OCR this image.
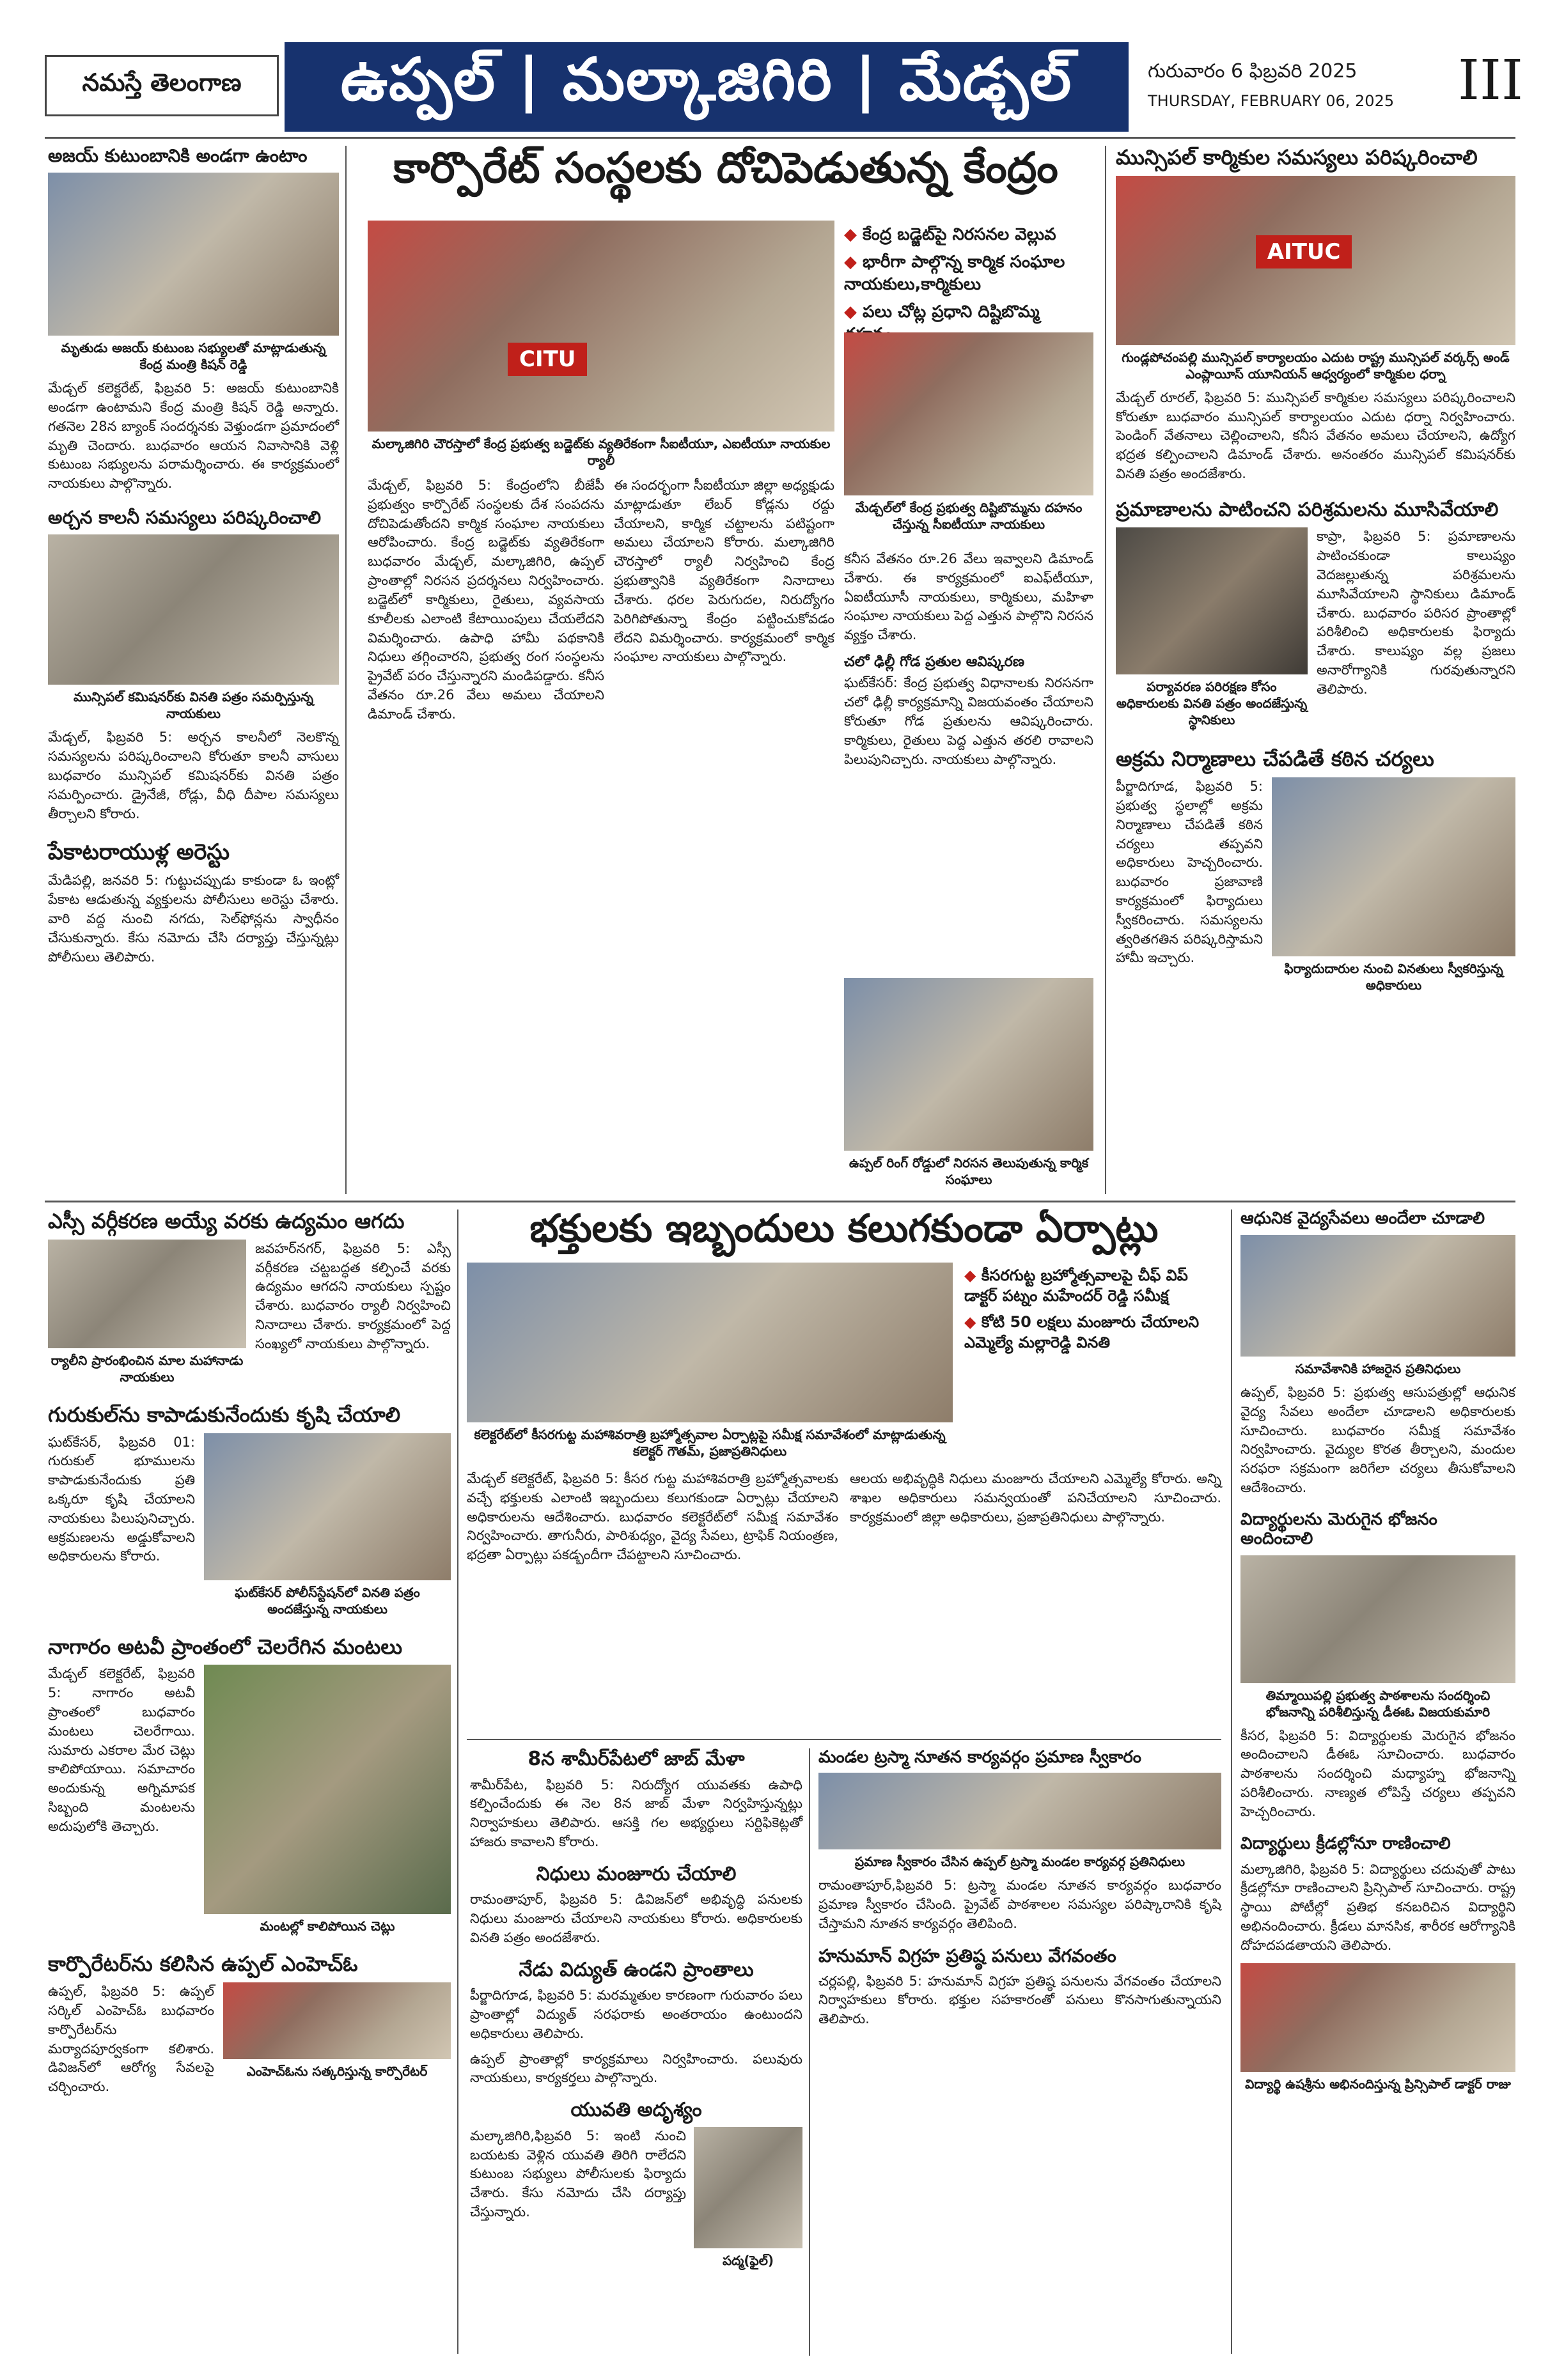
నమస్తే తెలంగాణ	ఉప్పల్ | మల్కాజిగిరి | మేడ్చల్	గురువారం 6 ఫిబ్రవరి 2025
THURSDAY, FEBRUARY 06, 2025 III
అజయ్ కుటుంబానికి అండగా ఉంటాం
మృతుడు అజయ్ కుటుంబ సభ్యులతో మాట్లాడుతున్న కేంద్ర మంత్రి కిషన్ రెడ్డి

మేడ్చల్ కలెక్టరేట్, ఫిబ్రవరి 5: అజయ్ కుటుంబానికి అండగా ఉంటామని కేంద్ర మంత్రి కిషన్ రెడ్డి అన్నారు. గతనెల 28న బ్యాంక్ సందర్శనకు వెళ్తుండగా ప్రమాదంలో మృతి చెందారు. బుధవారం ఆయన నివాసానికి వెళ్లి కుటుంబ సభ్యులను పరామర్శించారు. ఈ కార్యక్రమంలో నాయకులు పాల్గొన్నారు.

అర్చన కాలనీ సమస్యలు పరిష్కరించాలి
మున్సిపల్ కమిషనర్‌కు వినతి పత్రం సమర్పిస్తున్న నాయకులు

మేడ్చల్, ఫిబ్రవరి 5: అర్చన కాలనీలో నెలకొన్న సమస్యలను పరిష్కరించాలని కోరుతూ కాలనీ వాసులు బుధవారం మున్సిపల్ కమిషనర్‌కు వినతి పత్రం సమర్పించారు. డ్రైనేజీ, రోడ్లు, వీధి దీపాల సమస్యలు తీర్చాలని కోరారు.

పేకాటరాయుళ్ల అరెస్టు

మేడిపల్లి, జనవరి 5: గుట్టుచప్పుడు కాకుండా ఓ ఇంట్లో పేకాట ఆడుతున్న వ్యక్తులను పోలీసులు అరెస్టు చేశారు. వారి వద్ద నుంచి నగదు, సెల్‌ఫోన్లను స్వాధీనం చేసుకున్నారు. కేసు నమోదు చేసి దర్యాప్తు చేస్తున్నట్లు పోలీసులు తెలిపారు.

కార్పొరేట్ సంస్థలకు దోచిపెడుతున్న కేంద్రం
CITU
మల్కాజిగిరి చౌరస్తాలో కేంద్ర ప్రభుత్వ బడ్జెట్‌కు వ్యతిరేకంగా సీఐటీయూ, ఎఐటీయూ నాయకుల ర్యాలీ

◆ కేంద్ర బడ్జెట్‌పై నిరసనల వెల్లువ

◆ భారీగా పాల్గొన్న కార్మిక సంఘాల నాయకులు,కార్మికులు

◆ పలు చోట్ల ప్రధాని దిష్టిబొమ్మ

మేడ్చల్‌లో కేంద్ర ప్రభుత్వ దిష్టిబొమ్మను దహనం చేస్తున్న సీఐటీయూ నాయకులు

మేడ్చల్, ఫిబ్రవరి 5: కేంద్రంలోని బీజేపీ ప్రభుత్వం కార్పొరేట్ సంస్థలకు దేశ సంపదను దోచిపెడుతోందని కార్మిక సంఘాల నాయకులు ఆరోపించారు. కేంద్ర బడ్జెట్‌కు వ్యతిరేకంగా బుధవారం మేడ్చల్, మల్కాజిగిరి, ఉప్పల్ ప్రాంతాల్లో నిరసన ప్రదర్శనలు నిర్వహించారు. బడ్జెట్‌లో కార్మికులు, రైతులు, వ్యవసాయ కూలీలకు ఎలాంటి కేటాయింపులు చేయలేదని విమర్శించారు. ఉపాధి హామీ పథకానికి నిధులు తగ్గించారని, ప్రభుత్వ రంగ సంస్థలను ప్రైవేట్ పరం చేస్తున్నారని మండిపడ్డారు. కనీస వేతనం రూ.26 వేలు అమలు చేయాలని డిమాండ్ చేశారు.

ఈ సందర్భంగా సీఐటీయూ జిల్లా అధ్యక్షుడు మాట్లాడుతూ లేబర్ కోడ్లను రద్దు చేయాలని, కార్మిక చట్టాలను పటిష్టంగా అమలు చేయాలని కోరారు. మల్కాజిగిరి చౌరస్తాలో ర్యాలీ నిర్వహించి కేంద్ర ప్రభుత్వానికి వ్యతిరేకంగా నినాదాలు చేశారు. ధరల పెరుగుదల, నిరుద్యోగం పెరిగిపోతున్నా కేంద్రం పట్టించుకోవడం లేదని విమర్శించారు. కార్యక్రమంలో కార్మిక సంఘాల నాయకులు పాల్గొన్నారు.

కనీస వేతనం రూ.26 వేలు ఇవ్వాలని డిమాండ్ చేశారు. ఈ కార్యక్రమంలో ఐఎఫ్‌టీయూ, ఏఐటీయూసీ నాయకులు, కార్మికులు, మహిళా సంఘాల నాయకులు పెద్ద ఎత్తున పాల్గొని నిరసన వ్యక్తం చేశారు.

చలో ఢిల్లీ గోడ ప్రతుల ఆవిష్కరణ

ఘట్‌కేసర్: కేంద్ర ప్రభుత్వ విధానాలకు నిరసనగా చలో ఢిల్లీ కార్యక్రమాన్ని విజయవంతం చేయాలని కోరుతూ గోడ ప్రతులను ఆవిష్కరించారు. కార్మికులు, రైతులు పెద్ద ఎత్తున తరలి రావాలని పిలుపునిచ్చారు. నాయకులు పాల్గొన్నారు.

ఉప్పల్ రింగ్ రోడ్డులో నిరసన తెలుపుతున్న కార్మిక సంఘాలు
మున్సిపల్ కార్మికుల సమస్యలు పరిష్కరించాలి
AITUC
గుండ్లపోచంపల్లి మున్సిపల్ కార్యాలయం ఎదుట రాష్ట్ర మున్సిపల్ వర్కర్స్ అండ్ ఎంప్లాయీస్ యూనియన్ ఆధ్వర్యంలో కార్మికుల ధర్నా

మేడ్చల్ రూరల్, ఫిబ్రవరి 5: మున్సిపల్ కార్మికుల సమస్యలు పరిష్కరించాలని కోరుతూ బుధవారం మున్సిపల్ కార్యాలయం ఎదుట ధర్నా నిర్వహించారు. పెండింగ్ వేతనాలు చెల్లించాలని, కనీస వేతనం అమలు చేయాలని, ఉద్యోగ భద్రత కల్పించాలని డిమాండ్ చేశారు. అనంతరం మున్సిపల్ కమిషనర్‌కు వినతి పత్రం అందజేశారు.

ప్రమాణాలను పాటించని పరిశ్రమలను మూసివేయాలి
పర్యావరణ పరిరక్షణ కోసం అధికారులకు వినతి పత్రం అందజేస్తున్న స్థానికులు

కాప్రా, ఫిబ్రవరి 5: ప్రమాణాలను పాటించకుండా కాలుష్యం వెదజల్లుతున్న పరిశ్రమలను మూసివేయాలని స్థానికులు డిమాండ్ చేశారు. బుధవారం పరిసర ప్రాంతాల్లో పరిశీలించి అధికారులకు ఫిర్యాదు చేశారు. కాలుష్యం వల్ల ప్రజలు అనారోగ్యానికి గురవుతున్నారని తెలిపారు.

అక్రమ నిర్మాణాలు చేపడితే కఠిన చర్యలు

పీర్జాదిగూడ, ఫిబ్రవరి 5: ప్రభుత్వ స్థలాల్లో అక్రమ నిర్మాణాలు చేపడితే కఠిన చర్యలు తప్పవని అధికారులు హెచ్చరించారు. బుధవారం ప్రజావాణి కార్యక్రమంలో ఫిర్యాదులు స్వీకరించారు. సమస్యలను త్వరితగతిన పరిష్కరిస్తామని హామీ ఇచ్చారు.

ఫిర్యాదుదారుల నుంచి వినతులు స్వీకరిస్తున్న అధికారులు
ఎస్సీ వర్గీకరణ అయ్యే వరకు ఉద్యమం ఆగదు
ర్యాలీని ప్రారంభించిన మాల మహానాడు నాయకులు

జవహర్‌నగర్, ఫిబ్రవరి 5: ఎస్సీ వర్గీకరణ చట్టబద్ధత కల్పించే వరకు ఉద్యమం ఆగదని నాయకులు స్పష్టం చేశారు. బుధవారం ర్యాలీ నిర్వహించి నినాదాలు చేశారు. కార్యక్రమంలో పెద్ద సంఖ్యలో నాయకులు పాల్గొన్నారు.

గురుకుల్‌ను కాపాడుకునేందుకు కృషి చేయాలి

ఘట్‌కేసర్, ఫిబ్రవరి 01: గురుకుల్ భూములను కాపాడుకునేందుకు ప్రతి ఒక్కరూ కృషి చేయాలని నాయకులు పిలుపునిచ్చారు. ఆక్రమణలను అడ్డుకోవాలని అధికారులను కోరారు.

ఘట్‌కేసర్ పోలీస్‌స్టేషన్‌లో వినతి పత్రం అందజేస్తున్న నాయకులు
నాగారం అటవీ ప్రాంతంలో చెలరేగిన మంటలు

మేడ్చల్ కలెక్టరేట్, ఫిబ్రవరి 5: నాగారం అటవీ ప్రాంతంలో బుధవారం మంటలు చెలరేగాయి. సుమారు ఎకరాల మేర చెట్లు కాలిపోయాయి. సమాచారం అందుకున్న అగ్నిమాపక సిబ్బంది మంటలను అదుపులోకి తెచ్చారు.

మంటల్లో కాలిపోయిన చెట్లు
కార్పొరేటర్‌ను కలిసిన ఉప్పల్ ఎంహెచ్‌ఓ

ఉప్పల్, ఫిబ్రవరి 5: ఉప్పల్ సర్కిల్ ఎంహెచ్‌ఓ బుధవారం కార్పొరేటర్‌ను మర్యాదపూర్వకంగా కలిశారు. డివిజన్‌లో ఆరోగ్య సేవలపై చర్చించారు.

ఎంహెచ్‌ఓను సత్కరిస్తున్న కార్పొరేటర్
భక్తులకు ఇబ్బందులు కలుగకుండా ఏర్పాట్లు
కలెక్టరేట్‌లో కీసరగుట్ట మహాశివరాత్రి బ్రహ్మోత్సవాల ఏర్పాట్లపై సమీక్ష సమావేశంలో మాట్లాడుతున్న కలెక్టర్ గౌతమ్, ప్రజాప్రతినిధులు

◆ కీసరగుట్ట బ్రహ్మోత్సవాలపై చీఫ్ విప్ డాక్టర్ పట్నం మహేందర్ రెడ్డి సమీక్ష

◆ కోటి 50 లక్షలు మంజూరు చేయాలని ఎమ్మెల్యే మల్లారెడ్డి వినతి

మేడ్చల్ కలెక్టరేట్, ఫిబ్రవరి 5: కీసర గుట్ట మహాశివరాత్రి బ్రహ్మోత్సవాలకు వచ్చే భక్తులకు ఎలాంటి ఇబ్బందులు కలుగకుండా ఏర్పాట్లు చేయాలని అధికారులను ఆదేశించారు. బుధవారం కలెక్టరేట్‌లో సమీక్ష సమావేశం నిర్వహించారు. తాగునీరు, పారిశుధ్యం, వైద్య సేవలు, ట్రాఫిక్ నియంత్రణ, భద్రతా ఏర్పాట్లు పకడ్బందీగా చేపట్టాలని సూచించారు.

ఆలయ అభివృద్ధికి నిధులు మంజూరు చేయాలని ఎమ్మెల్యే కోరారు. అన్ని శాఖల అధికారులు సమన్వయంతో పనిచేయాలని సూచించారు. కార్యక్రమంలో జిల్లా అధికారులు, ప్రజాప్రతినిధులు పాల్గొన్నారు.

8న శామీర్‌పేటలో జాబ్ మేళా

శామీర్‌పేట, ఫిబ్రవరి 5: నిరుద్యోగ యువతకు ఉపాధి కల్పించేందుకు ఈ నెల 8న జాబ్ మేళా నిర్వహిస్తున్నట్లు నిర్వాహకులు తెలిపారు. ఆసక్తి గల అభ్యర్థులు సర్టిఫికెట్లతో హాజరు కావాలని కోరారు.

నిధులు మంజూరు చేయాలి

రామంతాపూర్, ఫిబ్రవరి 5: డివిజన్‌లో అభివృద్ధి పనులకు నిధులు మంజూరు చేయాలని నాయకులు కోరారు. అధికారులకు వినతి పత్రం అందజేశారు.

నేడు విద్యుత్ ఉండని ప్రాంతాలు

పీర్జాదిగూడ, ఫిబ్రవరి 5: మరమ్మతుల కారణంగా గురువారం పలు ప్రాంతాల్లో విద్యుత్ సరఫరాకు అంతరాయం ఉంటుందని అధికారులు తెలిపారు.

ఉప్పల్ ప్రాంతాల్లో కార్యక్రమాలు నిర్వహించారు. పలువురు నాయకులు, కార్యకర్తలు పాల్గొన్నారు.

యువతి అదృశ్యం

మల్కాజిగిరి,ఫిబ్రవరి 5: ఇంటి నుంచి బయటకు వెళ్లిన యువతి తిరిగి రాలేదని కుటుంబ సభ్యులు పోలీసులకు ఫిర్యాదు చేశారు. కేసు నమోదు చేసి దర్యాప్తు చేస్తున్నారు.

పద్మ(ఫైల్)
మండల ట్రస్మా నూతన కార్యవర్గం ప్రమాణ స్వీకారం
ప్రమాణ స్వీకారం చేసిన ఉప్పల్ ట్రస్మా మండల కార్యవర్గ ప్రతినిధులు

రామంతాపూర్,ఫిబ్రవరి 5: ట్రస్మా మండల నూతన కార్యవర్గం బుధవారం ప్రమాణ స్వీకారం చేసింది. ప్రైవేట్ పాఠశాలల సమస్యల పరిష్కారానికి కృషి చేస్తామని నూతన కార్యవర్గం తెలిపింది.

హనుమాన్ విగ్రహ ప్రతిష్ఠ పనులు వేగవంతం

చర్లపల్లి, ఫిబ్రవరి 5: హనుమాన్ విగ్రహ ప్రతిష్ఠ పనులను వేగవంతం చేయాలని నిర్వాహకులు కోరారు. భక్తుల సహకారంతో పనులు కొనసాగుతున్నాయని తెలిపారు.

ఆధునిక వైద్యసేవలు అందేలా చూడాలి
సమావేశానికి హాజరైన ప్రతినిధులు

ఉప్పల్, ఫిబ్రవరి 5: ప్రభుత్వ ఆసుపత్రుల్లో ఆధునిక వైద్య సేవలు అందేలా చూడాలని అధికారులకు సూచించారు. బుధవారం సమీక్ష సమావేశం నిర్వహించారు. వైద్యుల కొరత తీర్చాలని, మందుల సరఫరా సక్రమంగా జరిగేలా చర్యలు తీసుకోవాలని ఆదేశించారు.

విద్యార్థులను మెరుగైన భోజనం అందించాలి
తిమ్మాయిపల్లి ప్రభుత్వ పాఠశాలను సందర్శించి భోజనాన్ని పరిశీలిస్తున్న డీఈఓ విజయకుమారి

కీసర, ఫిబ్రవరి 5: విద్యార్థులకు మెరుగైన భోజనం అందించాలని డీఈఓ సూచించారు. బుధవారం పాఠశాలను సందర్శించి మధ్యాహ్న భోజనాన్ని పరిశీలించారు. నాణ్యత లోపిస్తే చర్యలు తప్పవని హెచ్చరించారు.

విద్యార్థులు క్రీడల్లోనూ రాణించాలి

మల్కాజిగిరి, ఫిబ్రవరి 5: విద్యార్థులు చదువుతో పాటు క్రీడల్లోనూ రాణించాలని ప్రిన్సిపాల్ సూచించారు. రాష్ట్ర స్థాయి పోటీల్లో ప్రతిభ కనబరిచిన విద్యార్థిని అభినందించారు. క్రీడలు మానసిక, శారీరక ఆరోగ్యానికి దోహదపడతాయని తెలిపారు.

విద్యార్థి ఉషశ్రీను అభినందిస్తున్న ప్రిన్సిపాల్ డాక్టర్ రాజు
